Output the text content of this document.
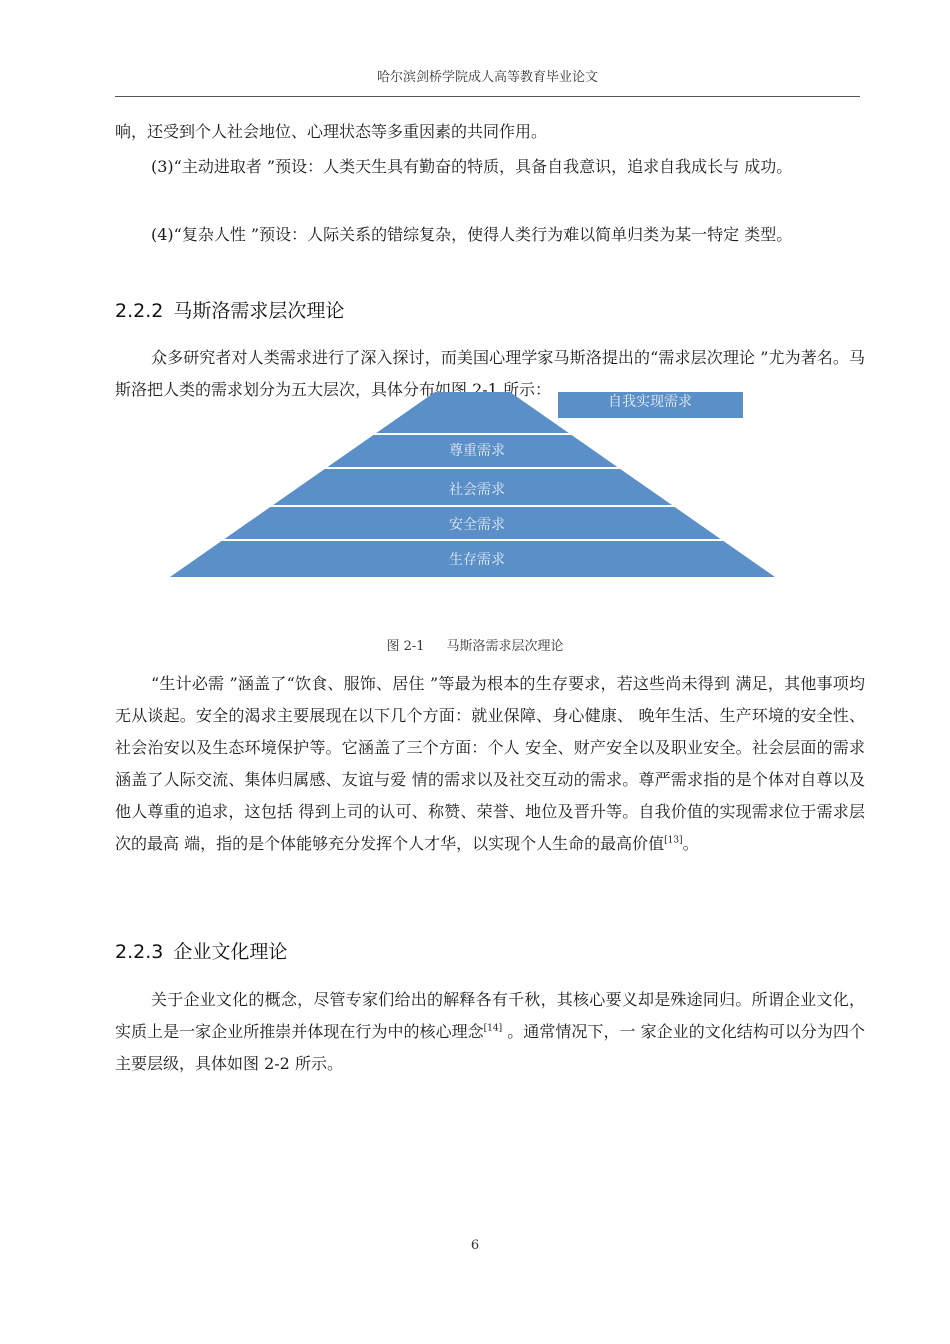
哈尔滨剑桥学院成人高等教育毕业论文

响，还受到个人社会地位、心理状态等多重因素的共同作用。

(3)“主动进取者 ”预设：人类天生具有勤奋的特质，具备自我意识，追求自我成长与 成功。

(4)“复杂人性 ”预设：人际关系的错综复杂，使得人类行为难以简单归类为某一特定 类型。

2.2.2 马斯洛需求层次理论

众多研究者对人类需求进行了深入探讨，而美国心理学家马斯洛提出的“需求层次理论 ”尤为著名。马斯洛把人类的需求划分为五大层次，具体分布如图 2-1 所示：

自我实现需求
尊重需求
社会需求
安全需求
生存需求
图 2-1 马斯洛需求层次理论

“生计必需 ”涵盖了“饮食、服饰、居住 ”等最为根本的生存要求，若这些尚未得到 满足，其他事项均无从谈起。安全的渴求主要展现在以下几个方面：就业保障、身心健康、 晚年生活、生产环境的安全性、社会治安以及生态环境保护等。它涵盖了三个方面：个人 安全、财产安全以及职业安全。社会层面的需求涵盖了人际交流、集体归属感、友谊与爱 情的需求以及社交互动的需求。尊严需求指的是个体对自尊以及他人尊重的追求，这包括 得到上司的认可、称赞、荣誉、地位及晋升等。自我价值的实现需求位于需求层次的最高 端，指的是个体能够充分发挥个人才华，以实现个人生命的最高价值[13]。

2.2.3 企业文化理论

关于企业文化的概念，尽管专家们给出的解释各有千秋，其核心要义却是殊途同归。所谓企业文化，实质上是一家企业所推崇并体现在行为中的核心理念[14] 。通常情况下，一 家企业的文化结构可以分为四个主要层级，具体如图 2-2 所示。

6
